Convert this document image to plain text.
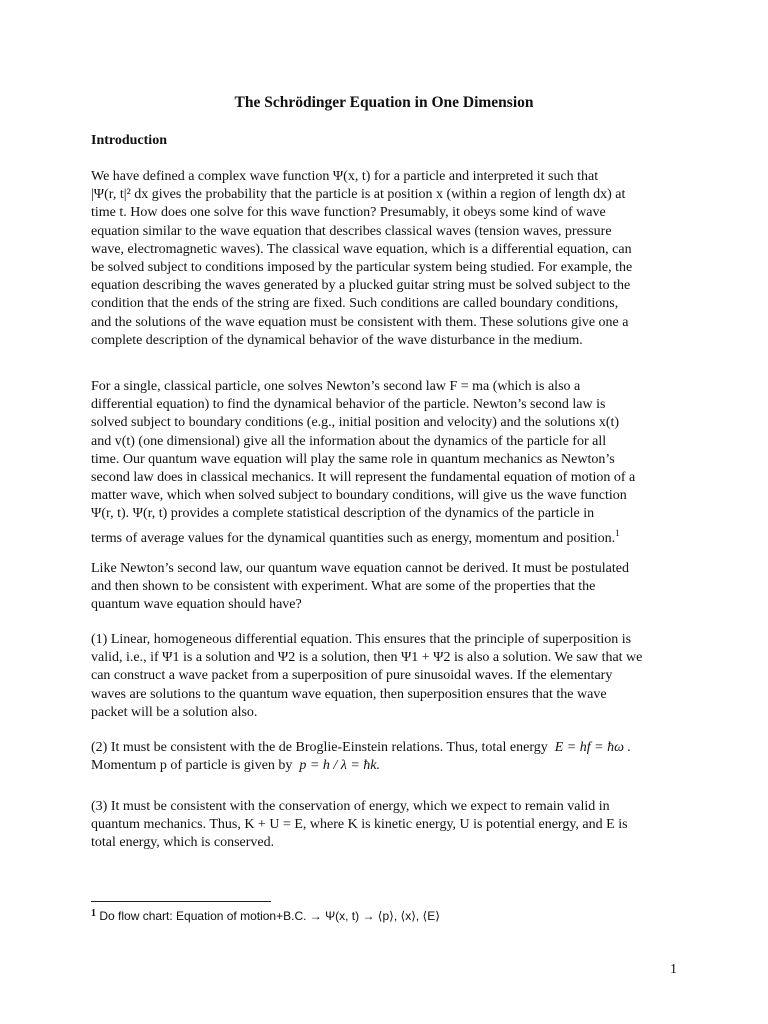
The Schrödinger Equation in One Dimension
Introduction
We have defined a complex wave function Ψ(x, t) for a particle and interpreted it such that
|Ψ(r, t|² dx gives the probability that the particle is at position x (within a region of length dx) at
time t. How does one solve for this wave function? Presumably, it obeys some kind of wave
equation similar to the wave equation that describes classical waves (tension waves, pressure
wave, electromagnetic waves). The classical wave equation, which is a differential equation, can
be solved subject to conditions imposed by the particular system being studied. For example, the
equation describing the waves generated by a plucked guitar string must be solved subject to the
condition that the ends of the string are fixed. Such conditions are called boundary conditions,
and the solutions of the wave equation must be consistent with them. These solutions give one a
complete description of the dynamical behavior of the wave disturbance in the medium.
For a single, classical particle, one solves Newton’s second law F = ma (which is also a
differential equation) to find the dynamical behavior of the particle. Newton’s second law is
solved subject to boundary conditions (e.g., initial position and velocity) and the solutions x(t)
and v(t) (one dimensional) give all the information about the dynamics of the particle for all
time. Our quantum wave equation will play the same role in quantum mechanics as Newton’s
second law does in classical mechanics. It will represent the fundamental equation of motion of a
matter wave, which when solved subject to boundary conditions, will give us the wave function
Ψ(r, t). Ψ(r, t) provides a complete statistical description of the dynamics of the particle in
terms of average values for the dynamical quantities such as energy, momentum and position.$^1$
Like Newton’s second law, our quantum wave equation cannot be derived. It must be postulated
and then shown to be consistent with experiment. What are some of the properties that the
quantum wave equation should have?
(1) Linear, homogeneous differential equation. This ensures that the principle of superposition is
valid, i.e., if Ψ1 is a solution and Ψ2 is a solution, then Ψ1 + Ψ2 is also a solution. We saw that we
can construct a wave packet from a superposition of pure sinusoidal waves. If the elementary
waves are solutions to the quantum wave equation, then superposition ensures that the wave
packet will be a solution also.
(2) It must be consistent with the de Broglie-Einstein relations. Thus, total energy E = hf = ħω .
Momentum p of particle is given by p = h / λ = ħk.
(3) It must be consistent with the conservation of energy, which we expect to remain valid in
quantum mechanics. Thus, K + U = E, where K is kinetic energy, U is potential energy, and E is
total energy, which is conserved.
$^1$ Do flow chart: Equation of motion+B.C. → Ψ(x, t) → ⟨p⟩, ⟨x⟩, ⟨E⟩
1
